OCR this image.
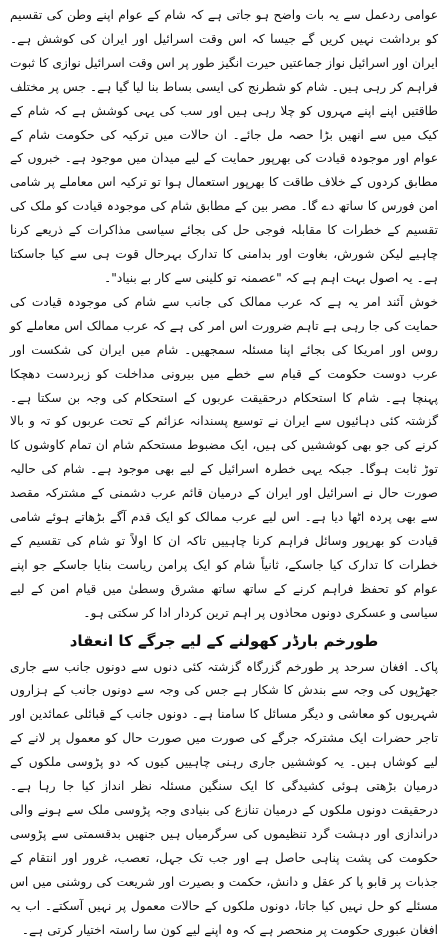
عوامی ردعمل سے یہ بات واضح ہو جاتی ہے کہ شام کے عوام اپنے وطن کی تقسیم کو برداشت نہیں کریں گے جیسا کہ اس وقت اسرائیل اور ایران کی کوشش ہے۔ ایران اور اسرائیل نواز جماعتیں حیرت انگیز طور پر اس وقت اسرائیل نوازی کا ثبوت فراہم کر رہی ہیں۔ شام کو شطرنج کی ایسی بساط بنا لیا گیا ہے۔ جس پر مختلف طاقتیں اپنے اپنے مہروں کو چلا رہی ہیں اور سب کی یہی کوشش ہے کہ شام کے کیک میں سے انھیں بڑا حصہ مل جائے۔ ان حالات میں ترکیہ کی حکومت شام کے عوام اور موجودہ قیادت کی بھرپور حمایت کے لیے میدان میں موجود ہے۔ خبروں کے مطابق کردوں کے خلاف طاقت کا بھرپور استعمال ہوا تو ترکیہ اس معاملے پر شامی امن فورس کا ساتھ دے گا۔ مصر بین کے مطابق شام کی موجودہ قیادت کو ملک کی تقسیم کے خطرات کا مقابلہ فوجی حل کی بجائے سیاسی مذاکرات کے ذریعے کرنا چاہیے لیکن شورش، بغاوت اور بدامنی کا تدارک بہرحال قوت ہی سے کیا جاسکتا ہے۔ یہ اصول بہت اہم ہے کہ "عصمنہ تو کلینی سے کار بے بنیاد"۔

خوش آئند امر یہ ہے کہ عرب ممالک کی جانب سے شام کی موجودہ قیادت کی حمایت کی جا رہی ہے تاہم ضرورت اس امر کی ہے کہ عرب ممالک اس معاملے کو روس اور امریکا کی بجائے اپنا مسئلہ سمجھیں۔ شام میں ایران کی شکست اور عرب دوست حکومت کے قیام سے خطے میں بیرونی مداخلت کو زبردست دھچکا پہنچا ہے۔ شام کا استحکام درحقیقت عربوں کے استحکام کی وجہ بن سکتا ہے۔ گزشتہ کئی دہائیوں سے ایران نے توسیع پسندانہ عزائم کے تحت عربوں کو تہ و بالا کرنے کی جو بھی کوششیں کی ہیں، ایک مضبوط مستحکم شام ان تمام کاوشوں کا توڑ ثابت ہوگا۔ جبکہ یہی خطرہ اسرائیل کے لیے بھی موجود ہے۔ شام کی حالیہ صورت حال نے اسرائیل اور ایران کے درمیان قائم عرب دشمنی کے مشترکہ مقصد سے بھی پردہ اٹھا دیا ہے۔ اس لیے عرب ممالک کو ایک قدم آگے بڑھاتے ہوئے شامی قیادت کو بھرپور وسائل فراہم کرنا چاہییں تاکہ ان کا اولاً تو شام کی تقسیم کے خطرات کا تدارک کیا جاسکے، ثانیاً شام کو ایک پرامن ریاست بنایا جاسکے جو اپنے عوام کو تحفظ فراہم کرنے کے ساتھ ساتھ مشرق وسطیٰ میں قیام امن کے لیے سیاسی و عسکری دونوں محاذوں پر اہم ترین کردار ادا کر سکتی ہو۔

طورخم بارڈر کھولنے کے لیے جرگے کا انعقاد

پاک۔ افغان سرحد پر طورخم گزرگاہ گزشتہ کئی دنوں سے دونوں جانب سے جاری جھڑپوں کی وجہ سے بندش کا شکار ہے جس کی وجہ سے دونوں جانب کے ہزاروں شہریوں کو معاشی و دیگر مسائل کا سامنا ہے۔ دونوں جانب کے قبائلی عمائدین اور تاجر حضرات ایک مشترکہ جرگے کی صورت میں صورت حال کو معمول پر لانے کے لیے کوشاں ہیں۔ یہ کوششیں جاری رہنی چاہییں کیوں کہ دو پڑوسی ملکوں کے درمیان بڑھتی ہوئی کشیدگی کا ایک سنگین مسئلہ نظر انداز کیا جا رہا ہے۔ درحقیقت دونوں ملکوں کے درمیان تنازع کی بنیادی وجہ پڑوسی ملک سے ہونے والی دراندازی اور دہشت گرد تنظیموں کی سرگرمیاں ہیں جنھیں بدقسمتی سے پڑوسی حکومت کی پشت پناہی حاصل ہے اور جب تک جہل، تعصب، غرور اور انتقام کے جذبات پر قابو پا کر عقل و دانش، حکمت و بصیرت اور شریعت کی روشنی میں اس مسئلے کو حل نہیں کیا جاتا، دونوں ملکوں کے حالات معمول پر نہیں آسکتے۔ اب یہ افغان عبوری حکومت پر منحصر ہے کہ وہ اپنے لیے کون سا راستہ اختیار کرتی ہے۔
